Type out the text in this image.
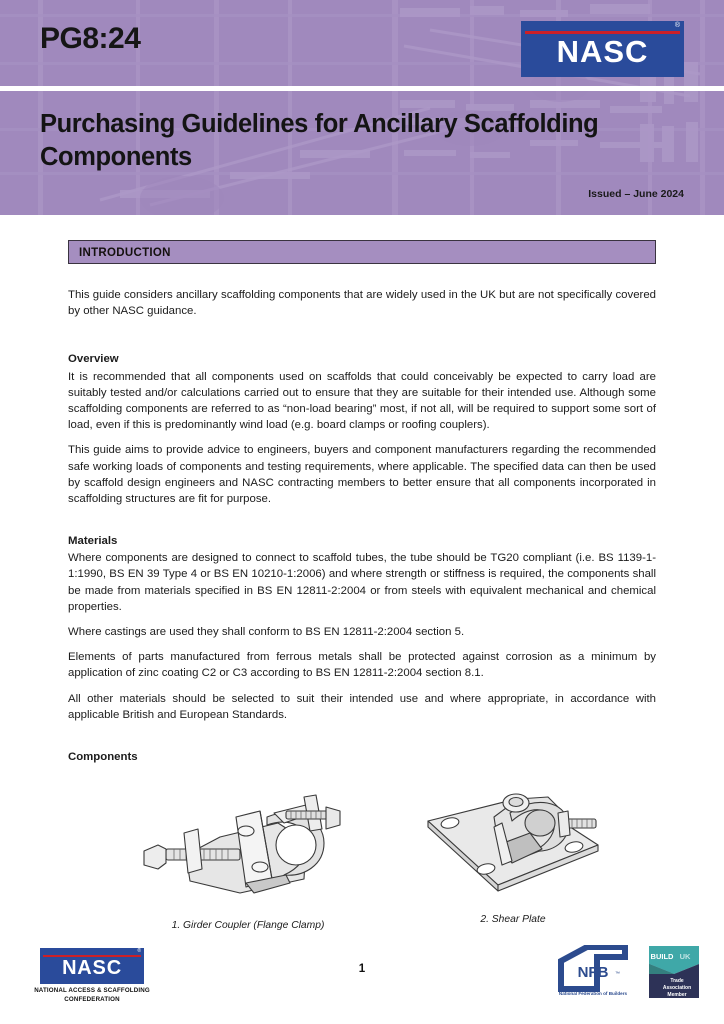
PG8:24
Purchasing Guidelines for Ancillary Scaffolding Components
Issued – June 2024
®
NASC
INTRODUCTION

This guide considers ancillary scaffolding components that are widely used in the UK but are not specifically covered by other NASC guidance.

Overview

It is recommended that all components used on scaffolds that could conceivably be expected to carry load are suitably tested and/or calculations carried out to ensure that they are suitable for their intended use. Although some scaffolding components are referred to as “non-load bearing” most, if not all, will be required to support some sort of load, even if this is predominantly wind load (e.g. board clamps or roofing couplers).

This guide aims to provide advice to engineers, buyers and component manufacturers regarding the recommended safe working loads of components and testing requirements, where applicable. The specified data can then be used by scaffold design engineers and NASC contracting members to better ensure that all components incorporated in scaffolding structures are fit for purpose.

Materials

Where components are designed to connect to scaffold tubes, the tube should be TG20 compliant (i.e. BS 1139-1-1:1990, BS EN 39 Type 4 or BS EN 10210-1:2006) and where strength or stiffness is required, the components shall be made from materials specified in BS EN 12811-2:2004 or from steels with equivalent mechanical and chemical properties.

Where castings are used they shall conform to BS EN 12811-2:2004 section 5.

Elements of parts manufactured from ferrous metals shall be protected against corrosion as a minimum by application of zinc coating C2 or C3 according to BS EN 12811-2:2004 section 8.1.

All other materials should be selected to suit their intended use and where appropriate, in accordance with applicable British and European Standards.

Components
1. Girder Coupler (Flange Clamp)
2. Shear Plate
®
NASC
NATIONAL ACCESS & SCAFFOLDING
CONFEDERATION
1	NFB ™
National Federation of Builders
BUILD UK
Trade
Association
Member
